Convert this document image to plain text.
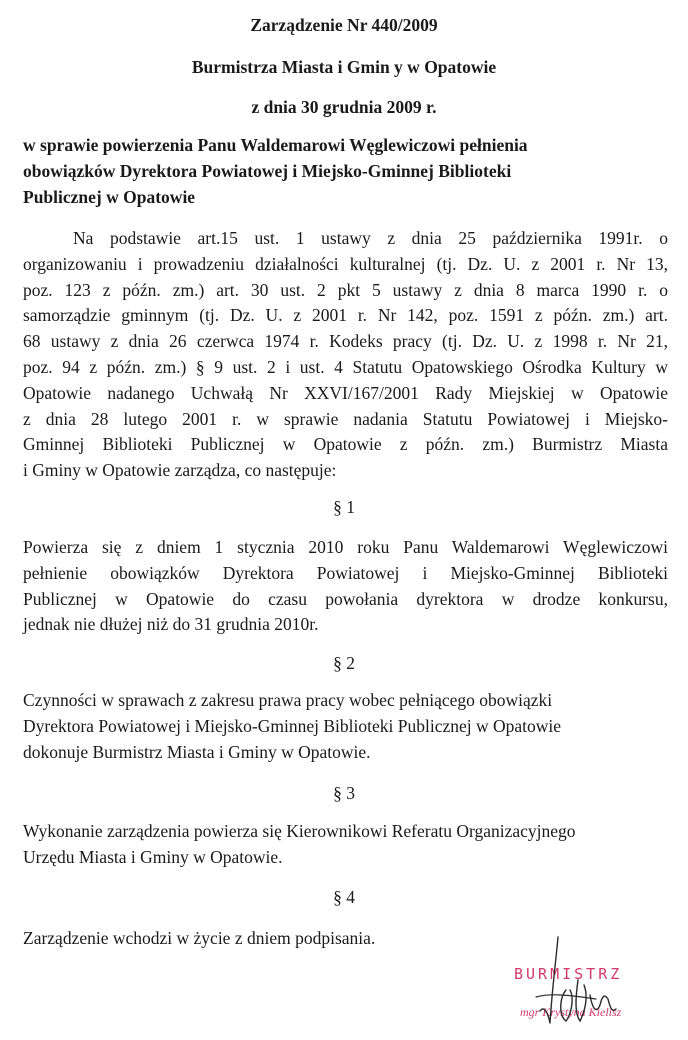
Zarządzenie Nr 440/2009
Burmistrza Miasta i Gmin y w Opatowie
z dnia 30 grudnia 2009 r.
w sprawie powierzenia Panu Waldemarowi Węglewiczowi pełnienia
obowiązków Dyrektora Powiatowej i Miejsko-Gminnej Biblioteki
Publicznej w Opatowie
Na podstawie art.15 ust. 1 ustawy z dnia 25 października 1991r. o
organizowaniu i prowadzeniu działalności kulturalnej (tj. Dz. U. z 2001 r. Nr 13,
poz. 123 z późn. zm.) art. 30 ust. 2 pkt 5 ustawy z dnia 8 marca 1990 r. o
samorządzie gminnym (tj. Dz. U. z 2001 r. Nr 142, poz. 1591 z późn. zm.) art.
68 ustawy z dnia 26 czerwca 1974 r. Kodeks pracy (tj. Dz. U. z 1998 r. Nr 21,
poz. 94 z późn. zm.) § 9 ust. 2 i ust. 4 Statutu Opatowskiego Ośrodka Kultury w
Opatowie nadanego Uchwałą Nr XXVI/167/2001 Rady Miejskiej w Opatowie
z dnia 28 lutego 2001 r. w sprawie nadania Statutu Powiatowej i Miejsko-
Gminnej Biblioteki Publicznej w Opatowie z późn. zm.) Burmistrz Miasta
i Gminy w Opatowie zarządza, co następuje:
§ 1
Powierza się z dniem 1 stycznia 2010 roku Panu Waldemarowi Węglewiczowi
pełnienie obowiązków Dyrektora Powiatowej i Miejsko-Gminnej Biblioteki
Publicznej w Opatowie do czasu powołania dyrektora w drodze konkursu,
jednak nie dłużej niż do 31 grudnia 2010r.
§ 2
Czynności w sprawach z zakresu prawa pracy wobec pełniącego obowiązki
Dyrektora Powiatowej i Miejsko-Gminnej Biblioteki Publicznej w Opatowie
dokonuje Burmistrz Miasta i Gminy w Opatowie.
§ 3
Wykonanie zarządzenia powierza się Kierownikowi Referatu Organizacyjnego
Urzędu Miasta i Gminy w Opatowie.
§ 4
Zarządzenie wchodzi w życie z dniem podpisania.
BURMISTRZ
mgr Krystyna Kielisz
